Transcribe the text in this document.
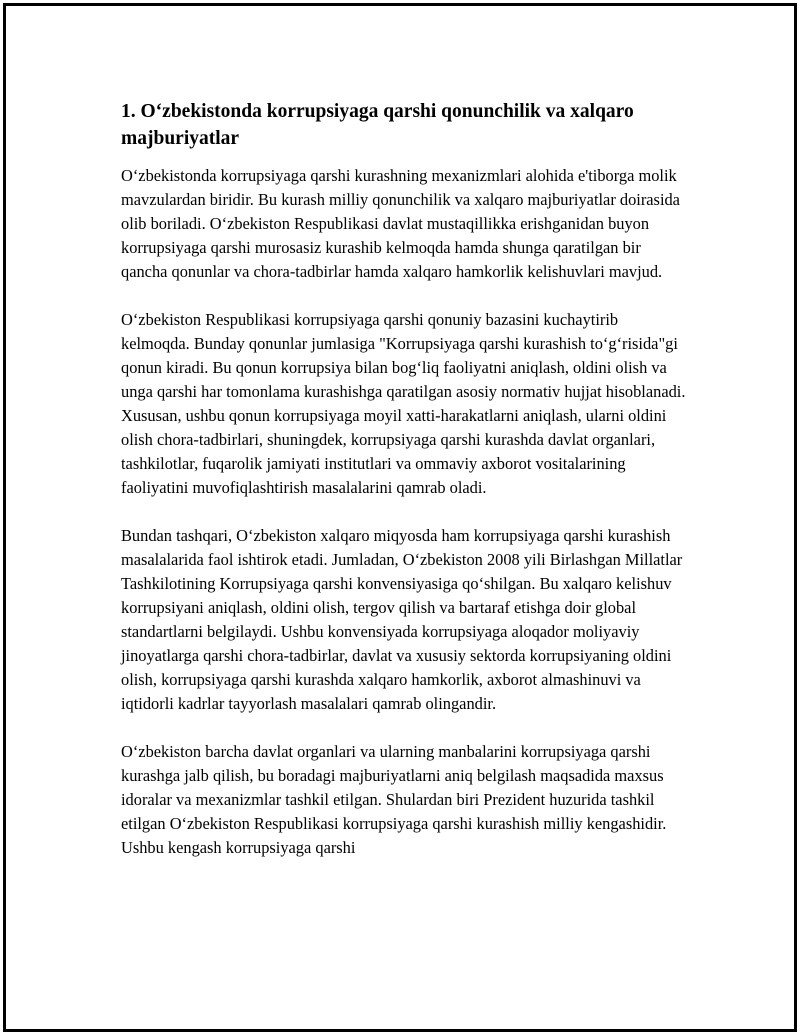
1. O‘zbekistonda korrupsiyaga qarshi qonunchilik va xalqaro majburiyatlar

O‘zbekistonda korrupsiyaga qarshi kurashning mexanizmlari alohida e'tiborga molik mavzulardan biridir. Bu kurash milliy qonunchilik va xalqaro majburiyatlar doirasida olib boriladi. O‘zbekiston Respublikasi davlat mustaqillikka erishganidan buyon korrupsiyaga qarshi murosasiz kurashib kelmoqda hamda shunga qaratilgan bir qancha qonunlar va chora-tadbirlar hamda xalqaro hamkorlik kelishuvlari mavjud.

O‘zbekiston Respublikasi korrupsiyaga qarshi qonuniy bazasini kuchaytirib kelmoqda. Bunday qonunlar jumlasiga "Korrupsiyaga qarshi kurashish to‘g‘risida"gi qonun kiradi. Bu qonun korrupsiya bilan bog‘liq faoliyatni aniqlash, oldini olish va unga qarshi har tomonlama kurashishga qaratilgan asosiy normativ hujjat hisoblanadi. Xususan, ushbu qonun korrupsiyaga moyil xatti-harakatlarni aniqlash, ularni oldini olish chora-tadbirlari, shuningdek, korrupsiyaga qarshi kurashda davlat organlari, tashkilotlar, fuqarolik jamiyati institutlari va ommaviy axborot vositalarining faoliyatini muvofiqlashtirish masalalarini qamrab oladi.

Bundan tashqari, O‘zbekiston xalqaro miqyosda ham korrupsiyaga qarshi kurashish masalalarida faol ishtirok etadi. Jumladan, O‘zbekiston 2008 yili Birlashgan Millatlar Tashkilotining Korrupsiyaga qarshi konvensiyasiga qo‘shilgan. Bu xalqaro kelishuv korrupsiyani aniqlash, oldini olish, tergov qilish va bartaraf etishga doir global standartlarni belgilaydi. Ushbu konvensiyada korrupsiyaga aloqador moliyaviy jinoyatlarga qarshi chora-tadbirlar, davlat va xususiy sektorda korrupsiyaning oldini olish, korrupsiyaga qarshi kurashda xalqaro hamkorlik, axborot almashinuvi va iqtidorli kadrlar tayyorlash masalalari qamrab olingandir.

O‘zbekiston barcha davlat organlari va ularning manbalarini korrupsiyaga qarshi kurashga jalb qilish, bu boradagi majburiyatlarni aniq belgilash maqsadida maxsus idoralar va mexanizmlar tashkil etilgan. Shulardan biri Prezident huzurida tashkil etilgan O‘zbekiston Respublikasi korrupsiyaga qarshi kurashish milliy kengashidir. Ushbu kengash korrupsiyaga qarshi
